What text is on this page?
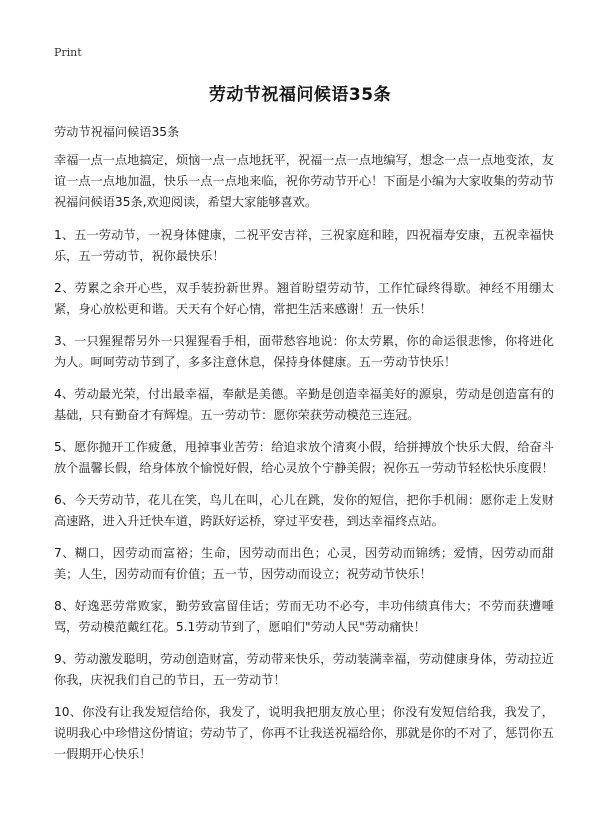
Print
劳动节祝福问候语35条

劳动节祝福问候语35条

幸福一点一点地搞定，烦恼一点一点地抚平，祝福一点一点地编写，想念一点一点地变浓，友谊一点一点地加温，快乐一点一点地来临，祝你劳动节开心！下面是小编为大家收集的劳动节祝福问候语35条,欢迎阅读，希望大家能够喜欢。

1、五一劳动节，一祝身体健康，二祝平安吉祥，三祝家庭和睦，四祝福寿安康，五祝幸福快乐，五一劳动节，祝你最快乐！

2、劳累之余开心些，双手装扮新世界。翘首盼望劳动节，工作忙碌终得歇。神经不用绷太紧，身心放松更和谐。天天有个好心情，常把生活来感谢！五一快乐！

3、一只猩猩帮另外一只猩猩看手相，面带愁容地说：你太劳累，你的命运很悲惨，你将进化为人。呵呵劳动节到了，多多注意休息，保持身体健康。五一劳动节快乐！

4、劳动最光荣，付出最幸福，奉献是美德。辛勤是创造幸福美好的源泉，劳动是创造富有的基础，只有勤奋才有辉煌。五一劳动节：愿你荣获劳动模范三连冠。

5、愿你抛开工作疲惫，甩掉事业苦劳：给追求放个清爽小假，给拼搏放个快乐大假，给奋斗放个温馨长假，给身体放个愉悦好假，给心灵放个宁静美假；祝你五一劳动节轻松快乐度假！

6、今天劳动节，花儿在笑，鸟儿在叫，心儿在跳，发你的短信，把你手机闹：愿你走上发财高速路，进入升迁快车道，跨跃好运桥，穿过平安巷，到达幸福终点站。

7、糊口，因劳动而富裕；生命，因劳动而出色；心灵，因劳动而锦绣；爱情，因劳动而甜美；人生，因劳动而有价值；五一节，因劳动而设立；祝劳动节快乐！

8、好逸恶劳常败家，勤劳致富留佳话；劳而无功不必夸，丰功伟绩真伟大；不劳而获遭唾骂，劳动模范戴红花。5.1劳动节到了，愿咱们"劳动人民"劳动痛快！

9、劳动激发聪明，劳动创造财富，劳动带来快乐，劳动装满幸福，劳动健康身体，劳动拉近你我，庆祝我们自己的节日，五一劳动节！

10、你没有让我发短信给你，我发了，说明我把朋友放心里；你没有发短信给我，我发了，说明我心中珍惜这份情谊；劳动节了，你再不让我送祝福给你，那就是你的不对了，惩罚你五一假期开心快乐！
